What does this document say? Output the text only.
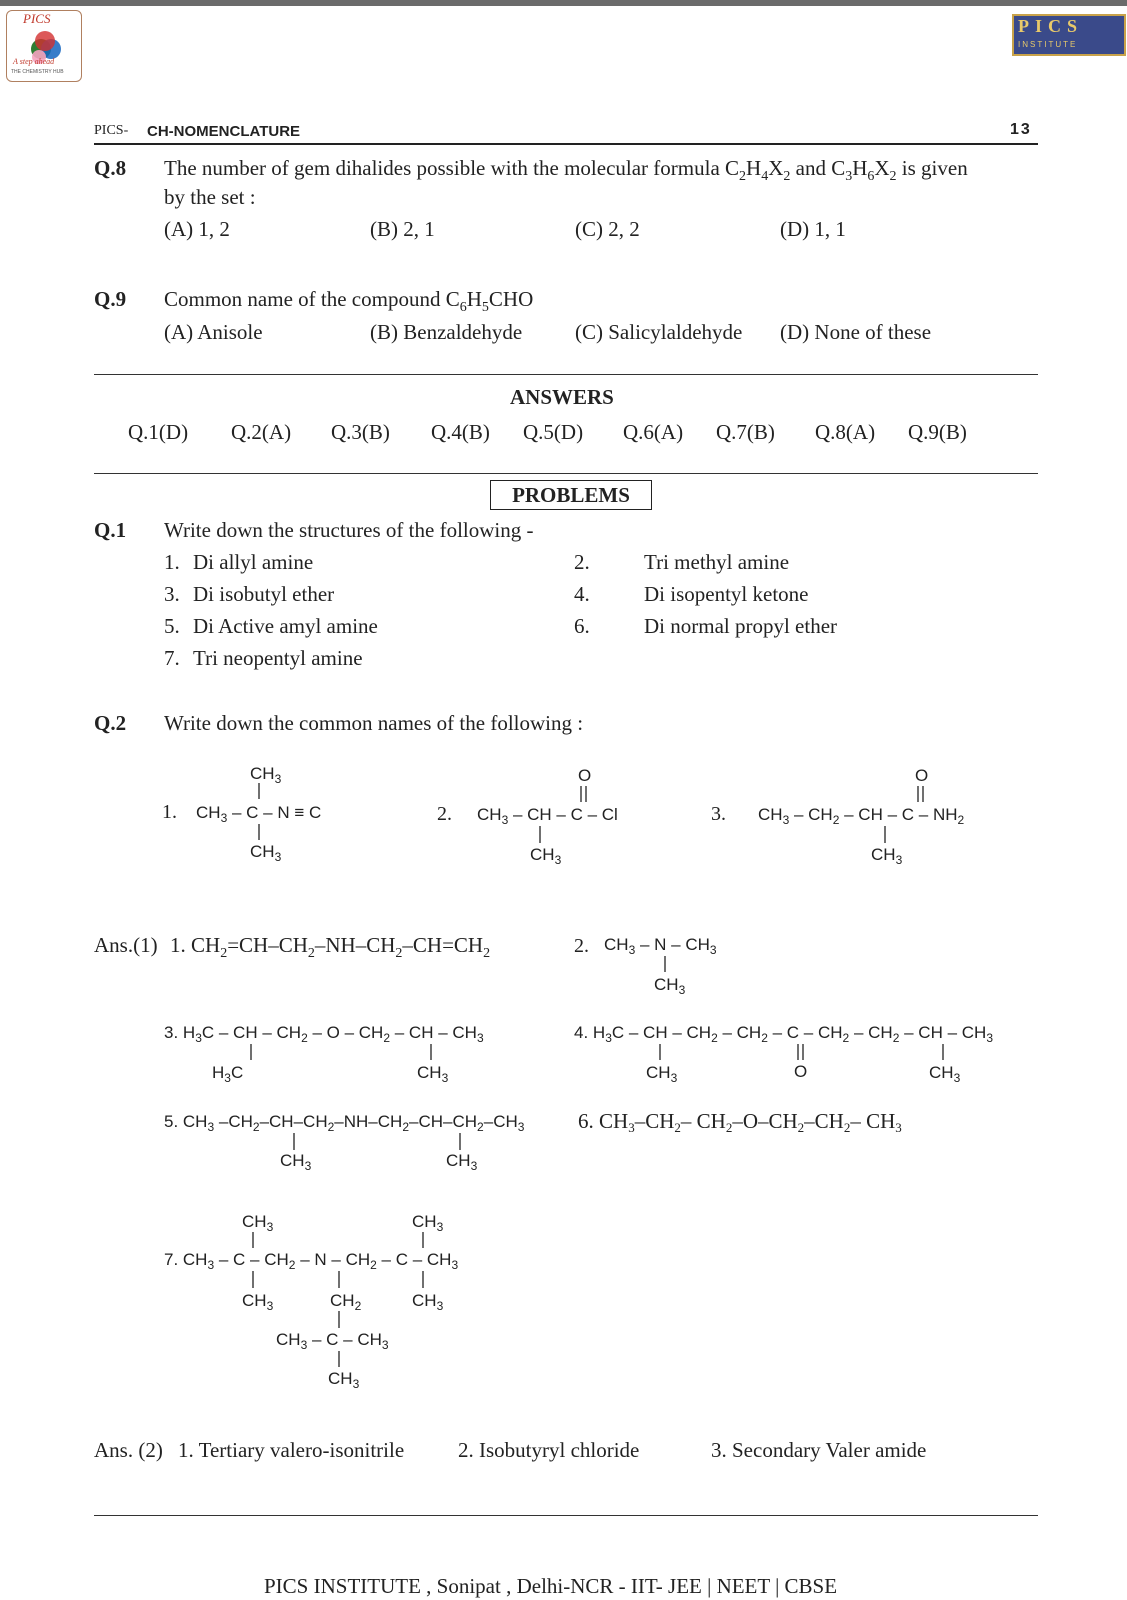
PICS
A step ahead
THE CHEMISTRY HUB
PICS
INSTITUTE
PICS- CH-NOMENCLATURE	13
Q.8 The number of gem dihalides possible with the molecular formula $C_2H_4X_2$ and $C_3H_6X_2$ is given
by the set :
(A) 1, 2	(B) 2, 1	(C) 2, 2	(D) 1, 1
Q.9 Common name of the compound $C_6H_5CHO$
(A) Anisole	(B) Benzaldehyde	(C) Salicylaldehyde (D) None of these
ANSWERS
Q.1(D) Q.2(A) Q.3(B) Q.4(B) Q.5(D) Q.6(A) Q.7(B) Q.8(A) Q.9(B)
PROBLEMS
Q.1 Write down the structures of the following -
1. Di allyl amine	2.	Tri methyl amine
3. Di isobutyl ether	4.	Di isopentyl ketone
5. Di Active amyl amine	6.	Di normal propyl ether
7. Tri neopentyl amine
Q.2 Write down the common names of the following :
Ans.(1) 1. $CH_2=CH-CH_2-NH-CH_2-CH=CH_2$
1.
$CH_3$
$CH_3 - C - N \equiv C$
$CH_3$
2.
O
$CH_3$ – CH – C – Cl
$CH_3$
3.
O
$CH_3 - CH_2$ – CH – C – $NH_2$
$CH_3$
2. $CH_3$ – N – $CH_3$
$CH_3$
3. $H_3C$ – CH – $CH_2$ – O – $CH_2$ – CH – $CH_3$
$H_3C$	$CH_3$
4. $H_3C$ – CH – $CH_2 - CH_2$ – C – $CH_2 - CH_2$ – CH – $CH_3$
$CH_3$	O	$CH_3$
5. $CH_3$ $-CH_2-CH-CH_2-NH-CH_2-CH-CH_2-CH_3$
$CH_3$	$CH_3$
6. CH3–CH2– CH2–O–CH2–CH2– CH3
$CH_3$	$CH_3$
7. $CH_3$ – C – $CH_2$ – N – $CH_2$ – C – $CH_3$
$CH_3$	$CH_2$	$CH_3$
$CH_3$ – C – $CH_3$
$CH_3$
Ans. (2) 1. Tertiary valero-isonitrile	2. Isobutyryl chloride	3. Secondary Valer amide
PICS INSTITUTE , Sonipat , Delhi-NCR - IIT- JEE | NEET | CBSE
